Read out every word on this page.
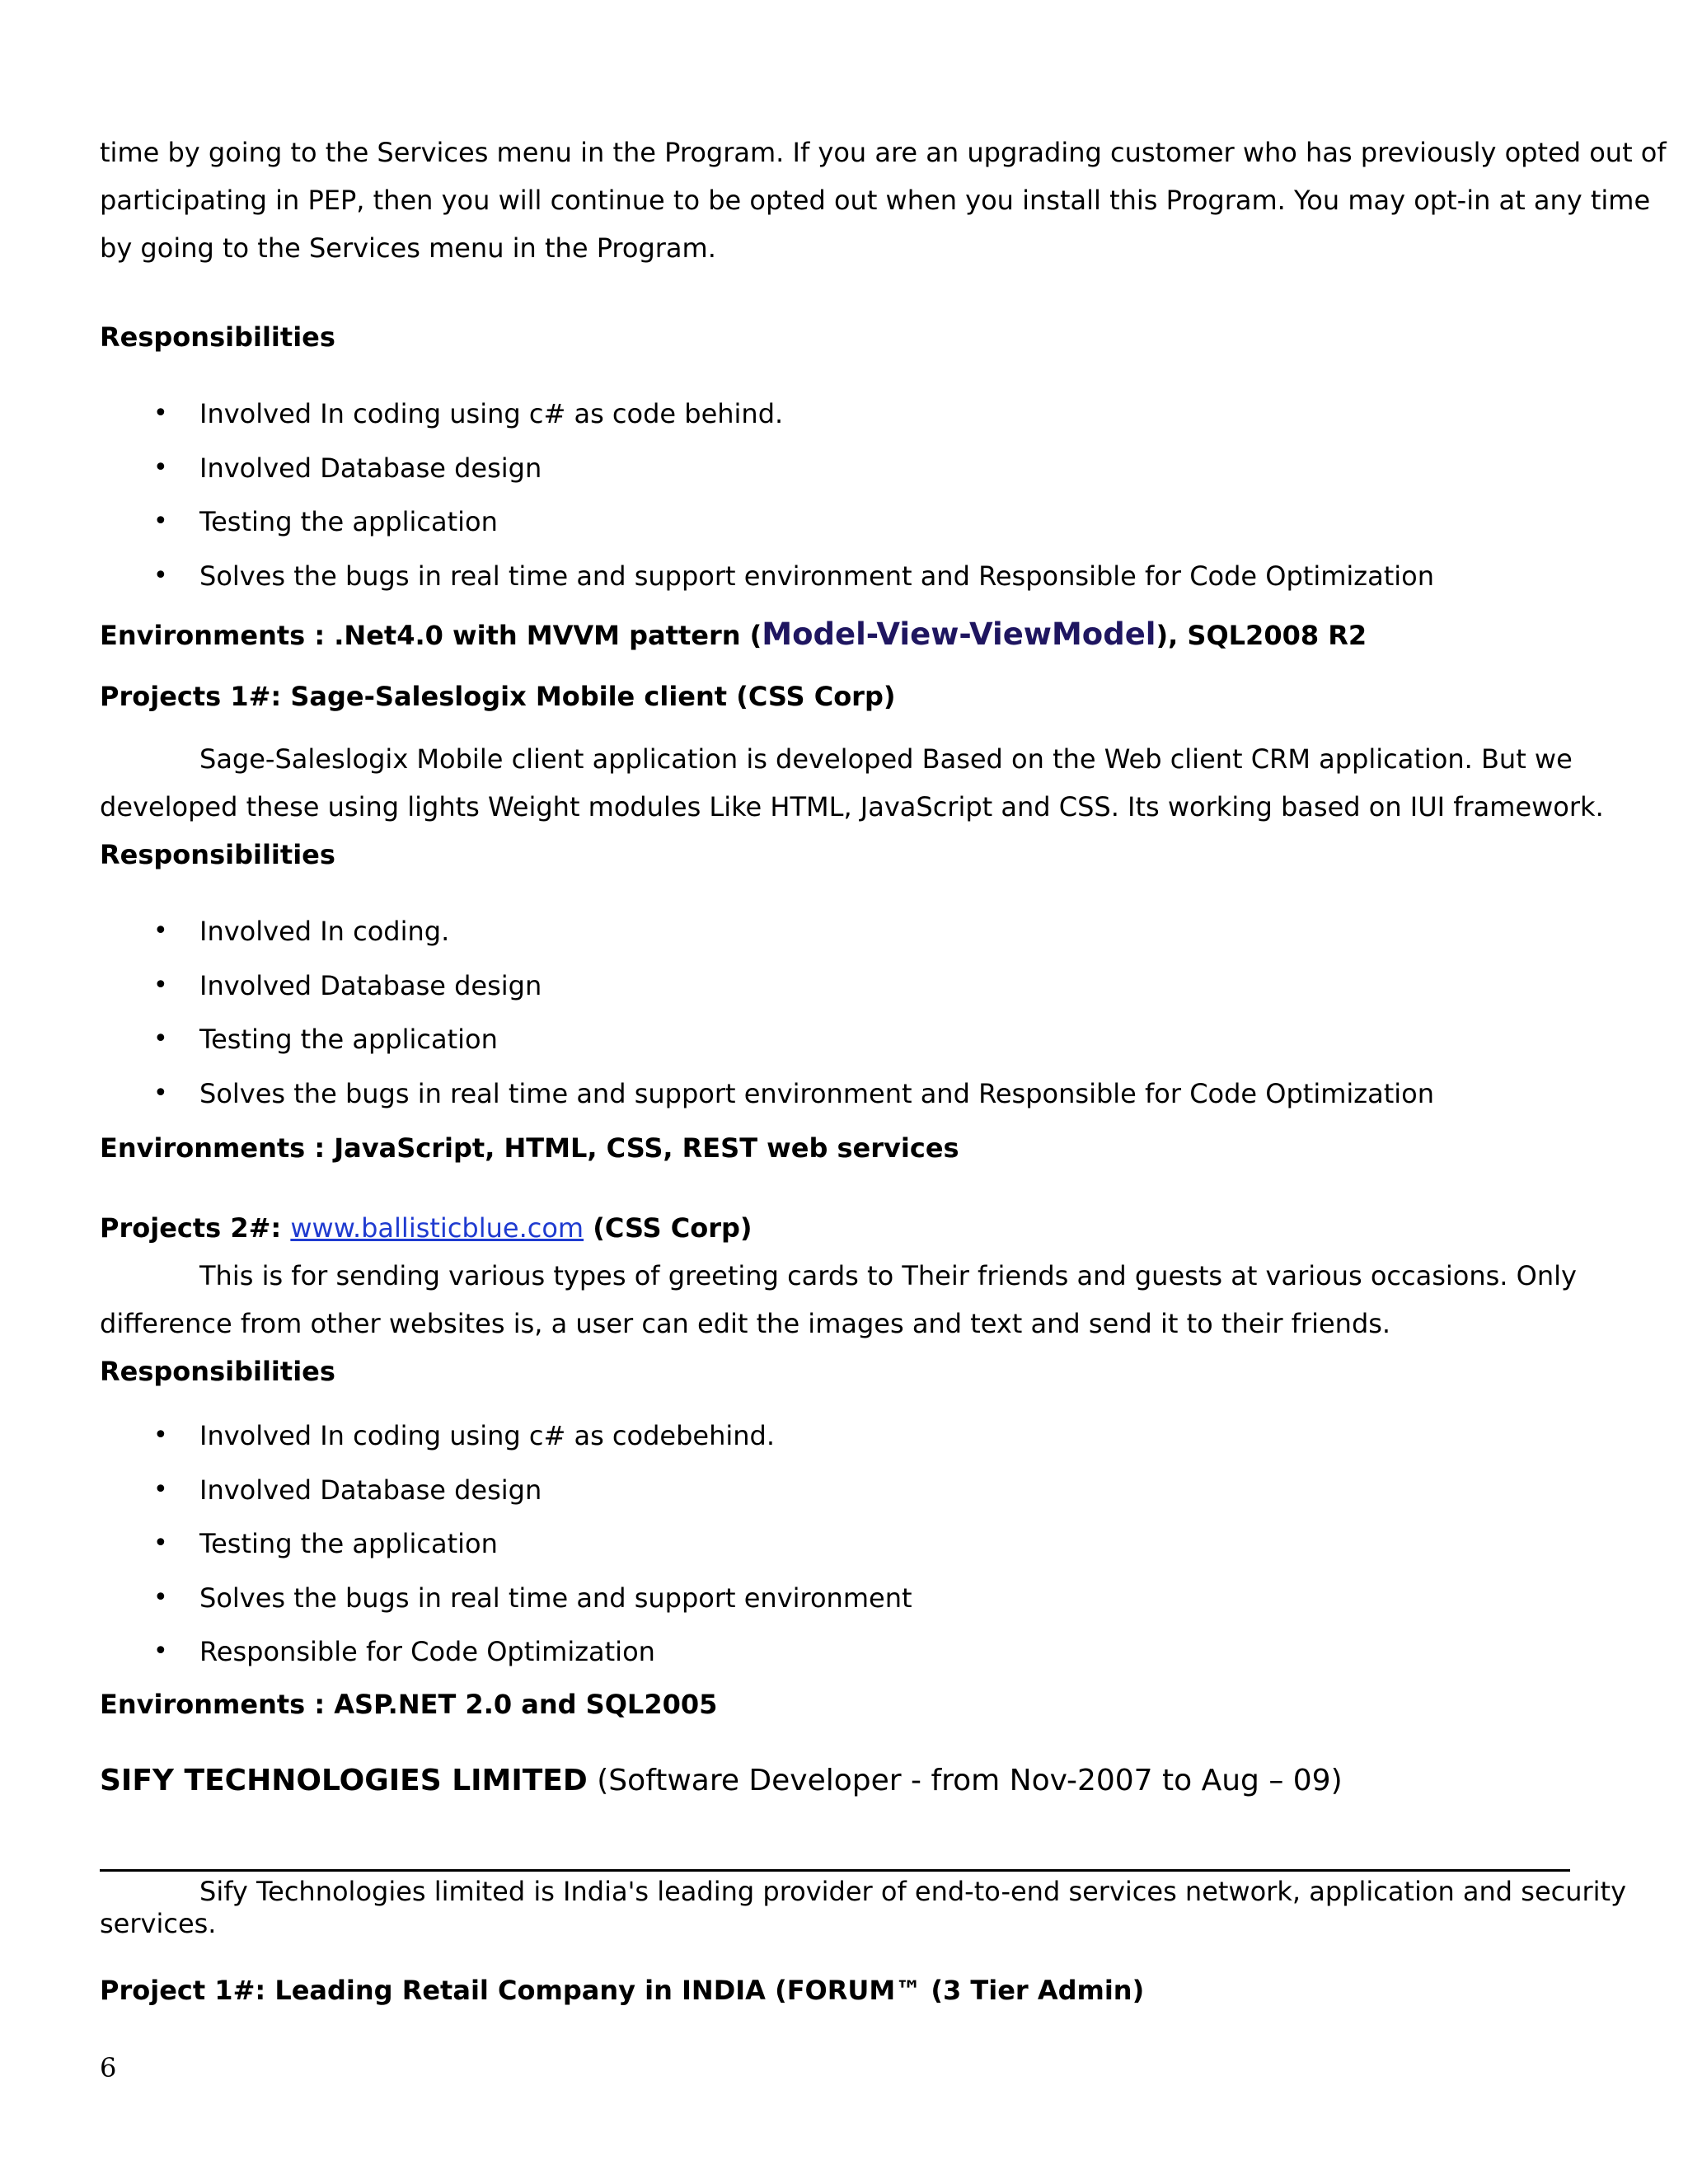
time by going to the Services menu in the Program. If you are an upgrading customer who has previously opted out of
participating in PEP, then you will continue to be opted out when you install this Program. You may opt-in at any time
by going to the Services menu in the Program.
Responsibilities
• Involved In coding using c# as code behind.
• Involved Database design
• Testing the application
• Solves the bugs in real time and support environment and Responsible for Code Optimization
Environments : .Net4.0 with MVVM pattern (Model-View-ViewModel), SQL2008 R2
Projects 1#: Sage-Saleslogix Mobile client (CSS Corp)
Sage-Saleslogix Mobile client application is developed Based on the Web client CRM application. But we
developed these using lights Weight modules Like HTML, JavaScript and CSS. Its working based on IUI framework.
Responsibilities
• Involved In coding.
• Involved Database design
• Testing the application
• Solves the bugs in real time and support environment and Responsible for Code Optimization
Environments : JavaScript, HTML, CSS, REST web services
Projects 2#: www.ballisticblue.com (CSS Corp)
This is for sending various types of greeting cards to Their friends and guests at various occasions. Only
difference from other websites is, a user can edit the images and text and send it to their friends.
Responsibilities
• Involved In coding using c# as codebehind.
• Involved Database design
• Testing the application
• Solves the bugs in real time and support environment
• Responsible for Code Optimization
Environments : ASP.NET 2.0 and SQL2005
SIFY TECHNOLOGIES LIMITED (Software Developer - from Nov-2007 to Aug – 09)
Sify Technologies limited is India's leading provider of end-to-end services network, application and security
services.
Project 1#: Leading Retail Company in INDIA (FORUM™ (3 Tier Admin)
6
